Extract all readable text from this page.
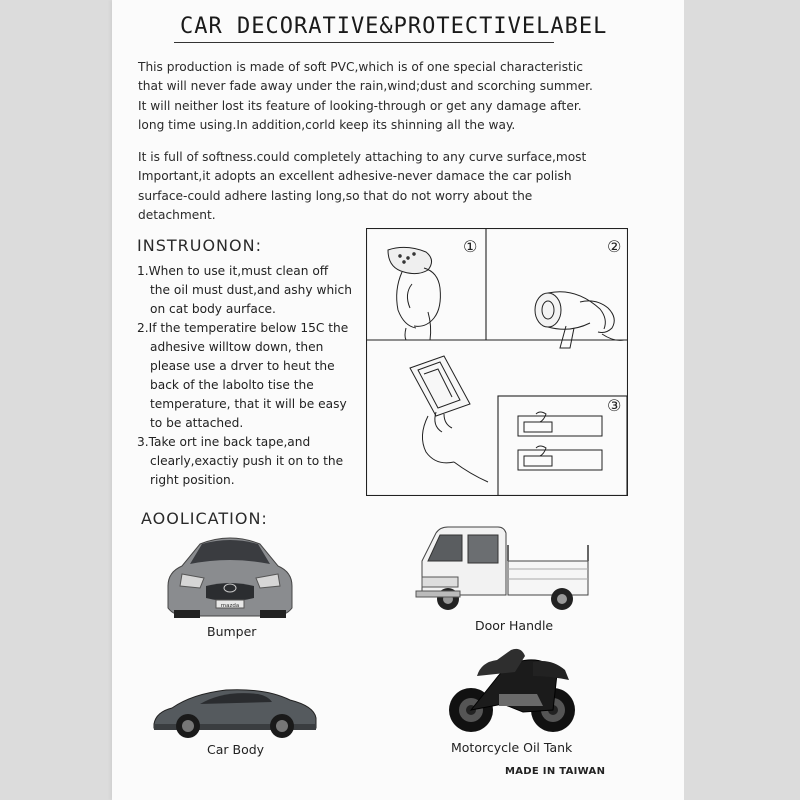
CAR DECORATIVE&PROTECTIVELABEL
This production is made of soft PVC,which is of one special characteristic
that will never fade away under the rain,wind;dust and scorching summer.
It will neither lost its feature of looking-through or get any damage after.
long time using.In addition,corld keep its shinning all the way.
It is full of softness.could completely attaching to any curve surface,most
Important,it adopts an excellent adhesive-never damace the car polish
surface-could adhere lasting long,so that do not worry about the
detachment.
INSTRUONON:
1.When to use it,must clean off
the oil must dust,and ashy which
on cat body aurface.
2.If the temperatire below 15C the
adhesive willtow down, then
please use a drver to heut the
back of the labolto tise the
temperature, that it will be easy
to be attached.
3.Take ort ine back tape,and
clearly,exactiy push it on to the
right position.
①	②
③
AOOLICATION:
mazda
Bumper	Door Handle
Car Body	Motorcycle Oil Tank
MADE IN TAIWAN
